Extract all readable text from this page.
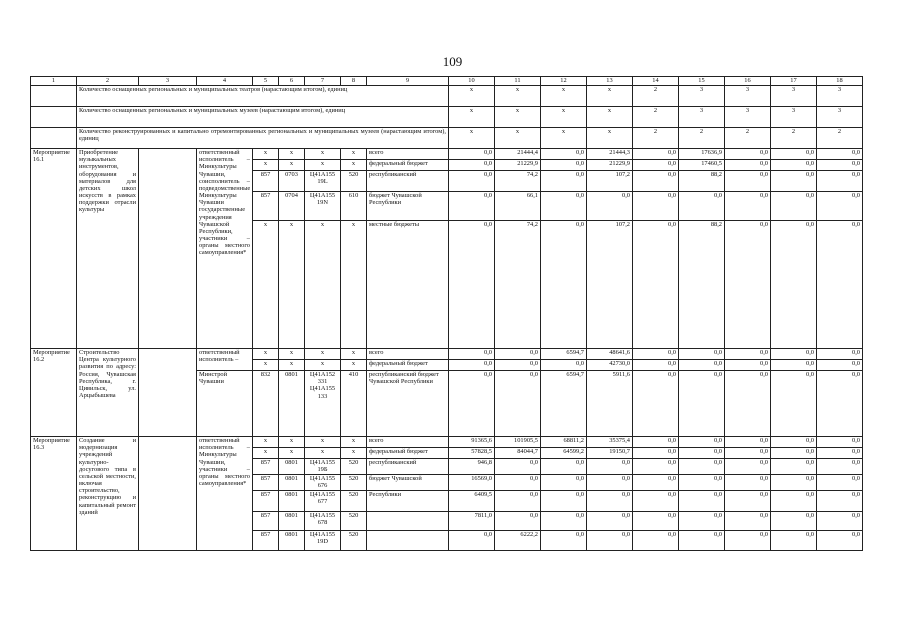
109
1	2	3	4	5	6	7	8	9	10	11	12	13	14	15	16	17	18	
	Количество оснащенных региональных и муниципальных театров (нарастающим итогом), единиц								x	x	x	x	2	3	3	3	3	
	Количество оснащенных региональных и муниципальных музеев (нарастающим итогом), единиц								x	x	x	x	2	3	3	3	3	
	Количество реконструированных и капитально отремонтированных региональных и муниципальных музеев (нарастающим итогом), единиц								x	x	x	x	2	2	2	2	2	
Мероприятие 16.1	Приобретение музыкальных инструментов, оборудования и материалов для детских школ искусств в рамках поддержки отрасли культуры		ответственный исполнитель – Минкультуры Чувашии, соисполнитель – подведомственные Минкультуры Чувашии государственные учреждения Чувашской Республики, участники – органы местного самоуправления*	x	x	x	x	всего	0,0	21444,4	0,0	21444,3	0,0	17636,9	0,0	0,0	0,0	
				x	x	x	x	федеральный бюджет	0,0	21229,9	0,0	21229,9	0,0	17460,5	0,0	0,0	0,0	
				857	0703	Ц41А155 19L	520	республиканский	0,0	74,2	0,0	107,2	0,0	88,2	0,0	0,0	0,0	
				857	0704	Ц41А155 19N	610	бюджет Чувашской Республики	0,0	66,1	0,0	0,0	0,0	0,0	0,0	0,0	0,0	
				x	x	x	x	местные бюджеты	0,0	74,2	0,0	107,2	0,0	88,2	0,0	0,0	0,0	
Мероприятие 16.2	Строительство Центра культурного развития по адресу: Россия, Чувашская Республика, г. Цивильск, ул. Арцыбышева		ответственный исполнитель –	x	x	x	x	всего	0,0	0,0	6594,7	48641,6	0,0	0,0	0,0	0,0	0,0	
				x	x	x	x	федеральный бюджет	0,0	0,0	0,0	42730,0	0,0	0,0	0,0	0,0	0,0	
			Минстрой Чувашии	832	0801	Ц41А152 331 Ц41А155 133	410	республиканский бюджет Чувашской Республики	0,0	0,0	6594,7	5911,6	0,0	0,0	0,0	0,0	0,0	
Мероприятие 16.3	Создание и модернизация учреждений культурно-досугового типа в сельской местности, включая строительство, реконструкцию и капитальный ремонт зданий		ответственный исполнитель – Минкультуры Чувашии, участники – органы местного самоуправления*	x	x	x	x	всего	91365,6	101905,5	68811,2	35375,4	0,0	0,0	0,0	0,0	0,0	
				x	x	x	x	федеральный бюджет	57828,5	84044,7	64599,2	19150,7	0,0	0,0	0,0	0,0	0,0	
				857	0801	Ц41А155 19Б	520	республиканский	946,8	0,0	0,0	0,0	0,0	0,0	0,0	0,0	0,0	
				857	0801	Ц41А155 676	520	бюджет Чувашской	16569,0	0,0	0,0	0,0	0,0	0,0	0,0	0,0	0,0	
				857	0801	Ц41А155 677	520	Республики	6409,5	0,0	0,0	0,0	0,0	0,0	0,0	0,0	0,0	
				857	0801	Ц41А155 678	520		7811,0	0,0	0,0	0,0	0,0	0,0	0,0	0,0	0,0	
				857	0801	Ц41А155 19D	520		0,0	6222,2	0,0	0,0	0,0	0,0	0,0	0,0	0,0	
